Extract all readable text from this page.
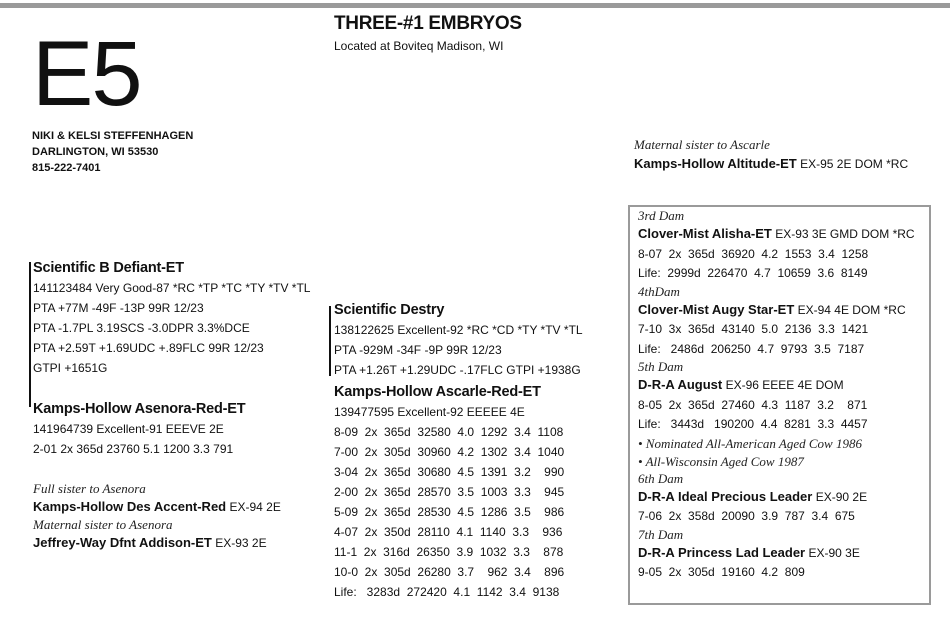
E5
NIKI & KELSI STEFFENHAGEN
DARLINGTON, WI 53530
815-222-7401
THREE-#1 EMBRYOS
Located at Boviteq Madison, WI
Scientific B Defiant-ET
141123484 Very Good-87 *RC *TP *TC *TY *TV *TL
PTA +77M -49F -13P 99R 12/23
PTA -1.7PL 3.19SCS -3.0DPR 3.3%DCE
PTA +2.59T +1.69UDC +.89FLC 99R 12/23
GTPI +1651G
Kamps-Hollow Asenora-Red-ET
141964739 Excellent-91 EEEVE 2E
2-01 2x 365d 23760 5.1 1200 3.3 791
Full sister to Asenora
Kamps-Hollow Des Accent-Red EX-94 2E
Maternal sister to Asenora
Jeffrey-Way Dfnt Addison-ET EX-93 2E
Scientific Destry
138122625 Excellent-92 *RC *CD *TY *TV *TL
PTA -929M -34F -9P 99R 12/23
PTA +1.26T +1.29UDC -.17FLC GTPI +1938G
Kamps-Hollow Ascarle-Red-ET
139477595 Excellent-92 EEEEE 4E
8-09  2x  365d  32580  4.0  1292  3.4  1108
7-00  2x  305d  30960  4.2  1302  3.4  1040
3-04  2x  365d  30680  4.5  1391  3.2    990
2-00  2x  365d  28570  3.5  1003  3.3    945
5-09  2x  365d  28530  4.5  1286  3.5    986
4-07  2x  350d  28110  4.1  1140  3.3    936
11-1  2x  316d  26350  3.9  1032  3.3    878
10-0  2x  305d  26280  3.7    962  3.4    896
Life:   3283d  272420  4.1  1142  3.4  9138
Maternal sister to Ascarle
Kamps-Hollow Altitude-ET EX-95 2E DOM *RC
3rd Dam
Clover-Mist Alisha-ET EX-93 3E GMD DOM *RC
8-07  2x  365d  36920  4.2  1553  3.4  1258
Life:  2999d  226470  4.7  10659  3.6  8149
4thDam
Clover-Mist Augy Star-ET EX-94 4E DOM *RC
7-10  3x  365d  43140  5.0  2136  3.3  1421
Life:   2486d  206250  4.7  9793  3.5  7187
5th Dam
D-R-A August EX-96 EEEE 4E DOM
8-05  2x  365d  27460  4.3  1187  3.2    871
Life:   3443d   190200  4.4  8281  3.3  4457
• Nominated All-American Aged Cow 1986
• All-Wisconsin Aged Cow 1987
6th Dam
D-R-A Ideal Precious Leader EX-90 2E
7-06  2x  358d  20090  3.9  787  3.4  675
7th Dam
D-R-A Princess Lad Leader EX-90 3E
9-05  2x  305d  19160  4.2  809
